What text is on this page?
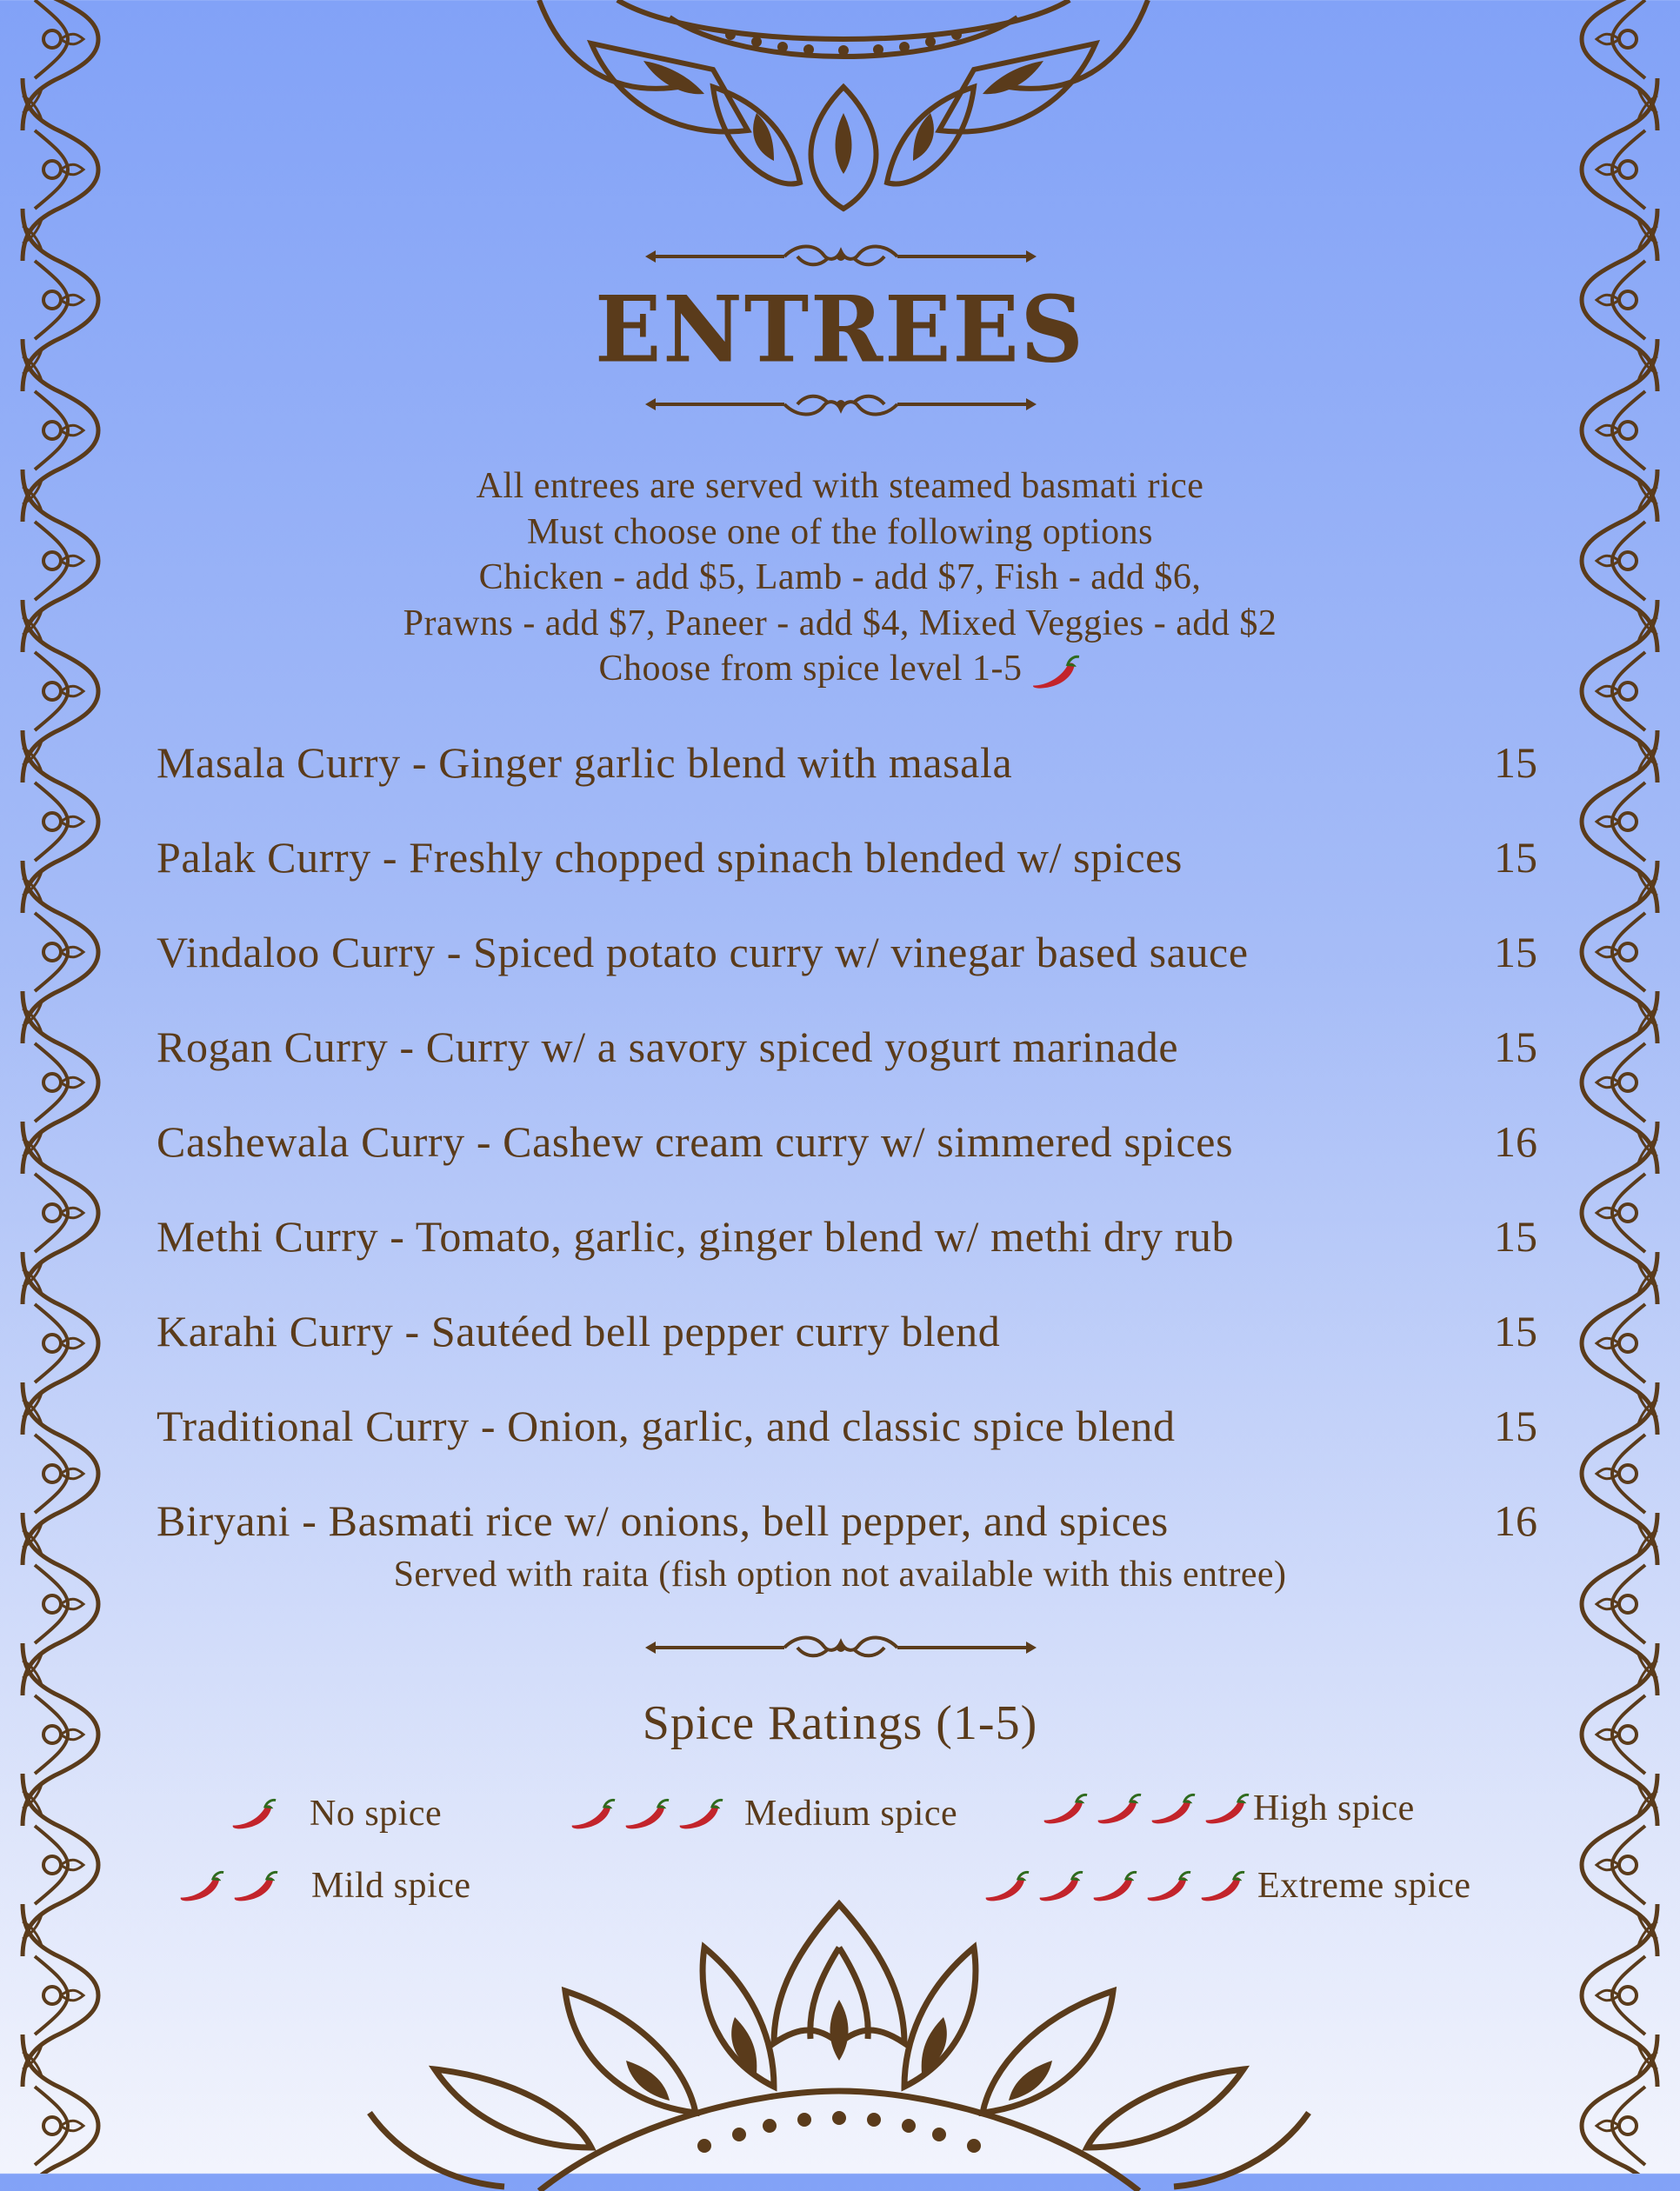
ENTREES
All entrees are served with steamed basmati rice
Must choose one of the following options
Chicken - add $5, Lamb - add $7, Fish - add $6,
Prawns - add $7, Paneer - add $4, Mixed Veggies - add $2
Choose from spice level 1-5
Masala Curry - Ginger garlic blend with masala	15
Palak Curry - Freshly chopped spinach blended w/ spices	15
Vindaloo Curry - Spiced potato curry w/ vinegar based sauce	15
Rogan Curry - Curry w/ a savory spiced yogurt marinade	15
Cashewala Curry - Cashew cream curry w/ simmered spices	16
Methi Curry - Tomato, garlic, ginger blend w/ methi dry rub	15
Karahi Curry - Sautéed bell pepper curry blend	15
Traditional Curry - Onion, garlic, and classic spice blend	15
Biryani - Basmati rice w/ onions, bell pepper, and spices	16
Served with raita (fish option not available with this entree)
Spice Ratings (1-5)
No spice
Mild spice
Medium spice	High spice
Extreme spice
